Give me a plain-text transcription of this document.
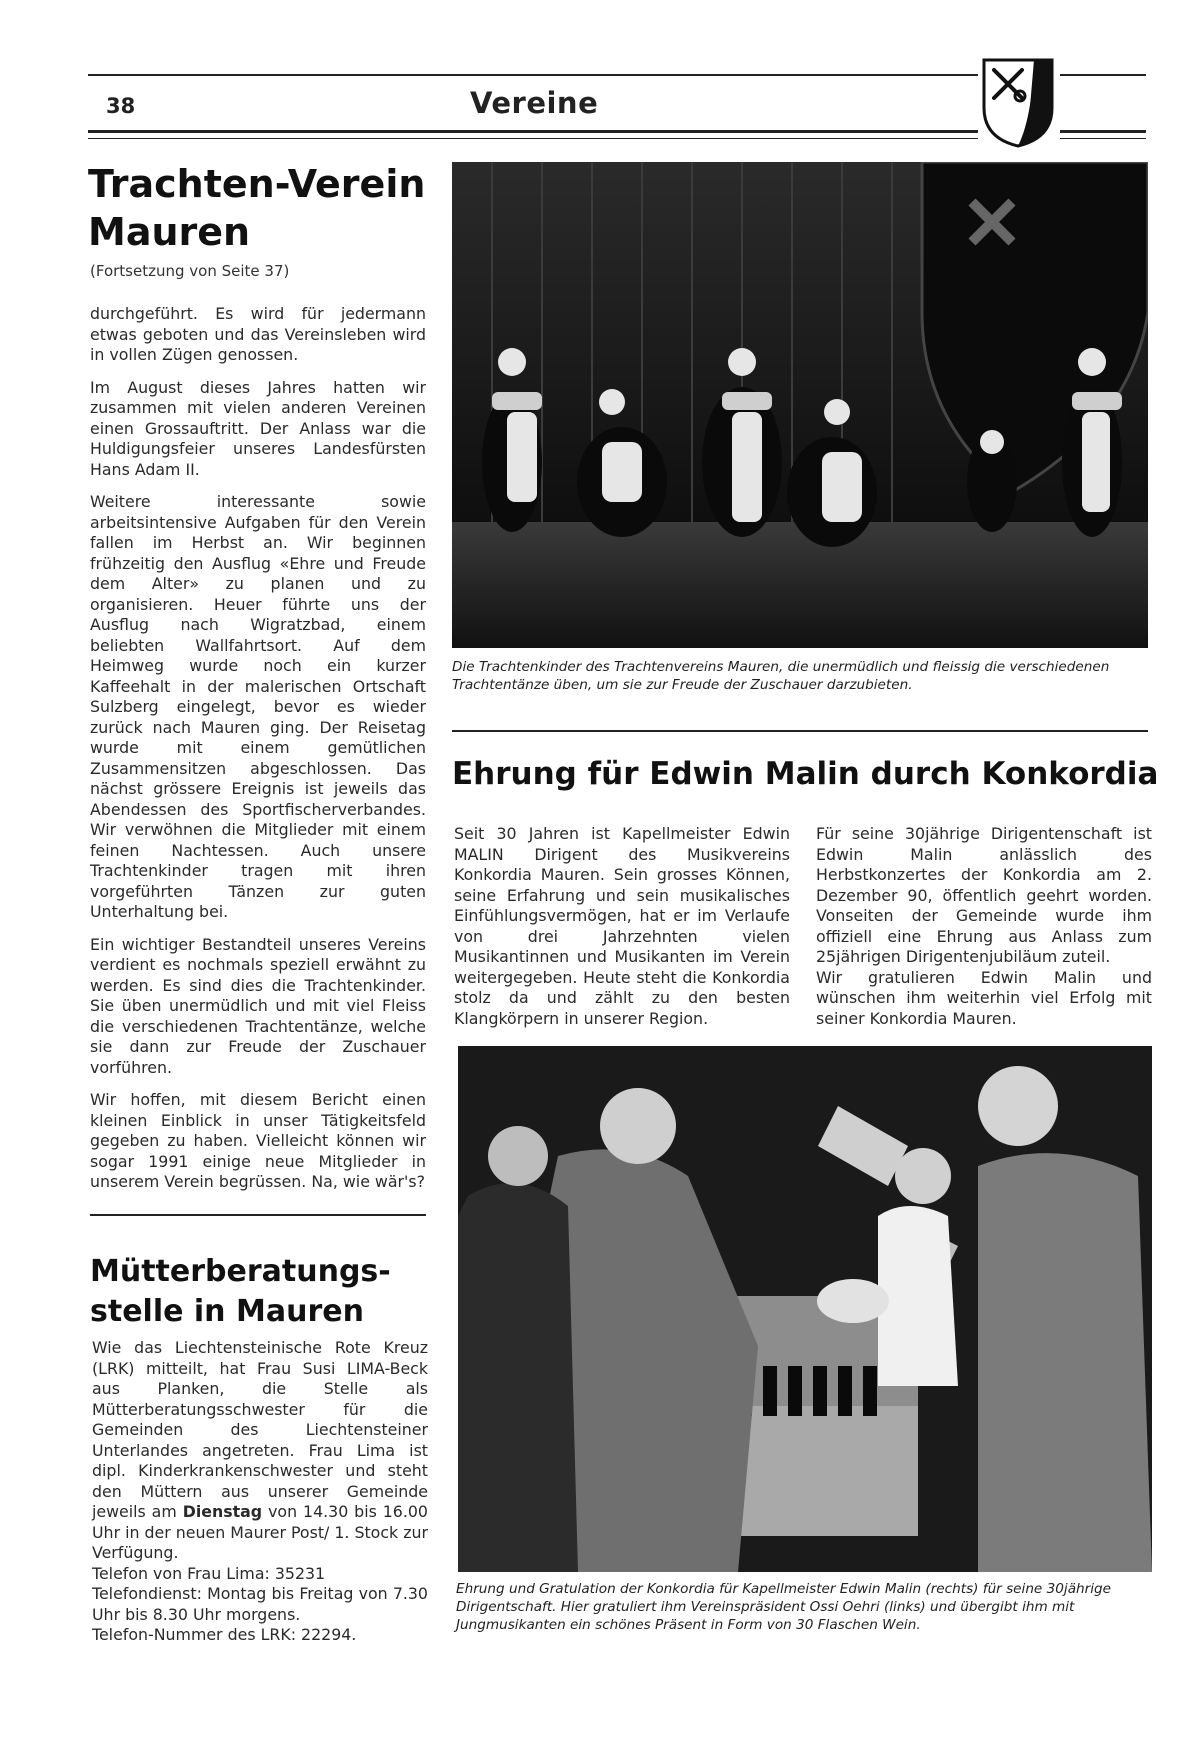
38	Vereine
Trachten-Verein
Mauren
(Fortsetzung von Seite 37)

durchgeführt. Es wird für jedermann etwas geboten und das Vereinsleben wird in vollen Zügen genossen.

Im August dieses Jahres hatten wir zusammen mit vielen anderen Vereinen einen Grossauftritt. Der Anlass war die Huldigungsfeier unseres Landesfürsten Hans Adam II.

Weitere interessante sowie arbeitsintensive Aufgaben für den Verein fallen im Herbst an. Wir beginnen frühzeitig den Ausflug «Ehre und Freude dem Alter» zu planen und zu organisieren. Heuer führte uns der Ausflug nach Wigratzbad, einem beliebten Wallfahrtsort. Auf dem Heimweg wurde noch ein kurzer Kaffeehalt in der malerischen Ortschaft Sulzberg eingelegt, bevor es wieder zurück nach Mauren ging. Der Reisetag wurde mit einem gemütlichen Zusammensitzen abgeschlossen. Das nächst grössere Ereignis ist jeweils das Abendessen des Sportfischerverbandes. Wir verwöhnen die Mitglieder mit einem feinen Nachtessen. Auch unsere Trachtenkinder tragen mit ihren vorgeführten Tänzen zur guten Unterhaltung bei.

Ein wichtiger Bestandteil unseres Vereins verdient es nochmals speziell erwähnt zu werden. Es sind dies die Trachtenkinder. Sie üben unermüdlich und mit viel Fleiss die verschiedenen Trachtentänze, welche sie dann zur Freude der Zuschauer vorführen.

Wir hoffen, mit diesem Bericht einen kleinen Einblick in unser Tätigkeitsfeld gegeben zu haben. Vielleicht können wir sogar 1991 einige neue Mitglieder in unserem Verein begrüssen. Na, wie wär's?

Die Trachtenkinder des Trachtenvereins Mauren, die unermüdlich und fleissig die verschiedenen Trachtentänze üben, um sie zur Freude der Zuschauer darzubieten.
Ehrung für Edwin Malin durch Konkordia

Seit 30 Jahren ist Kapellmeister Edwin MALIN Dirigent des Musikvereins Konkordia Mauren. Sein grosses Können, seine Erfahrung und sein musikalisches Einfühlungsvermögen, hat er im Verlaufe von drei Jahrzehnten vielen Musikantinnen und Musikanten im Verein weitergegeben. Heute steht die Konkordia stolz da und zählt zu den besten Klangkörpern in unserer Region.

Für seine 30jährige Dirigentenschaft ist Edwin Malin anlässlich des Herbstkonzertes der Konkordia am 2. Dezember 90, öffentlich geehrt worden. Vonseiten der Gemeinde wurde ihm offiziell eine Ehrung aus Anlass zum 25jährigen Dirigentenjubiläum zuteil.

Wir gratulieren Edwin Malin und wünschen ihm weiterhin viel Erfolg mit seiner Konkordia Mauren.

Ehrung und Gratulation der Konkordia für Kapellmeister Edwin Malin (rechts) für seine 30jährige Dirigentschaft. Hier gratuliert ihm Vereinspräsident Ossi Oehri (links) und übergibt ihm mit Jungmusikanten ein schönes Präsent in Form von 30 Flaschen Wein.
Mütterberatungs-
stelle in Mauren

Wie das Liechtensteinische Rote Kreuz (LRK) mitteilt, hat Frau Susi LIMA-Beck aus Planken, die Stelle als Mütterberatungsschwester für die Gemeinden des Liechtensteiner Unterlandes angetreten. Frau Lima ist dipl. Kinderkrankenschwester und steht den Müttern aus unserer Gemeinde jeweils am Dienstag von 14.30 bis 16.00 Uhr in der neuen Maurer Post/ 1. Stock zur Verfügung.

Telefon von Frau Lima: 35231

Telefondienst: Montag bis Freitag von 7.30 Uhr bis 8.30 Uhr morgens.

Telefon-Nummer des LRK: 22294.
